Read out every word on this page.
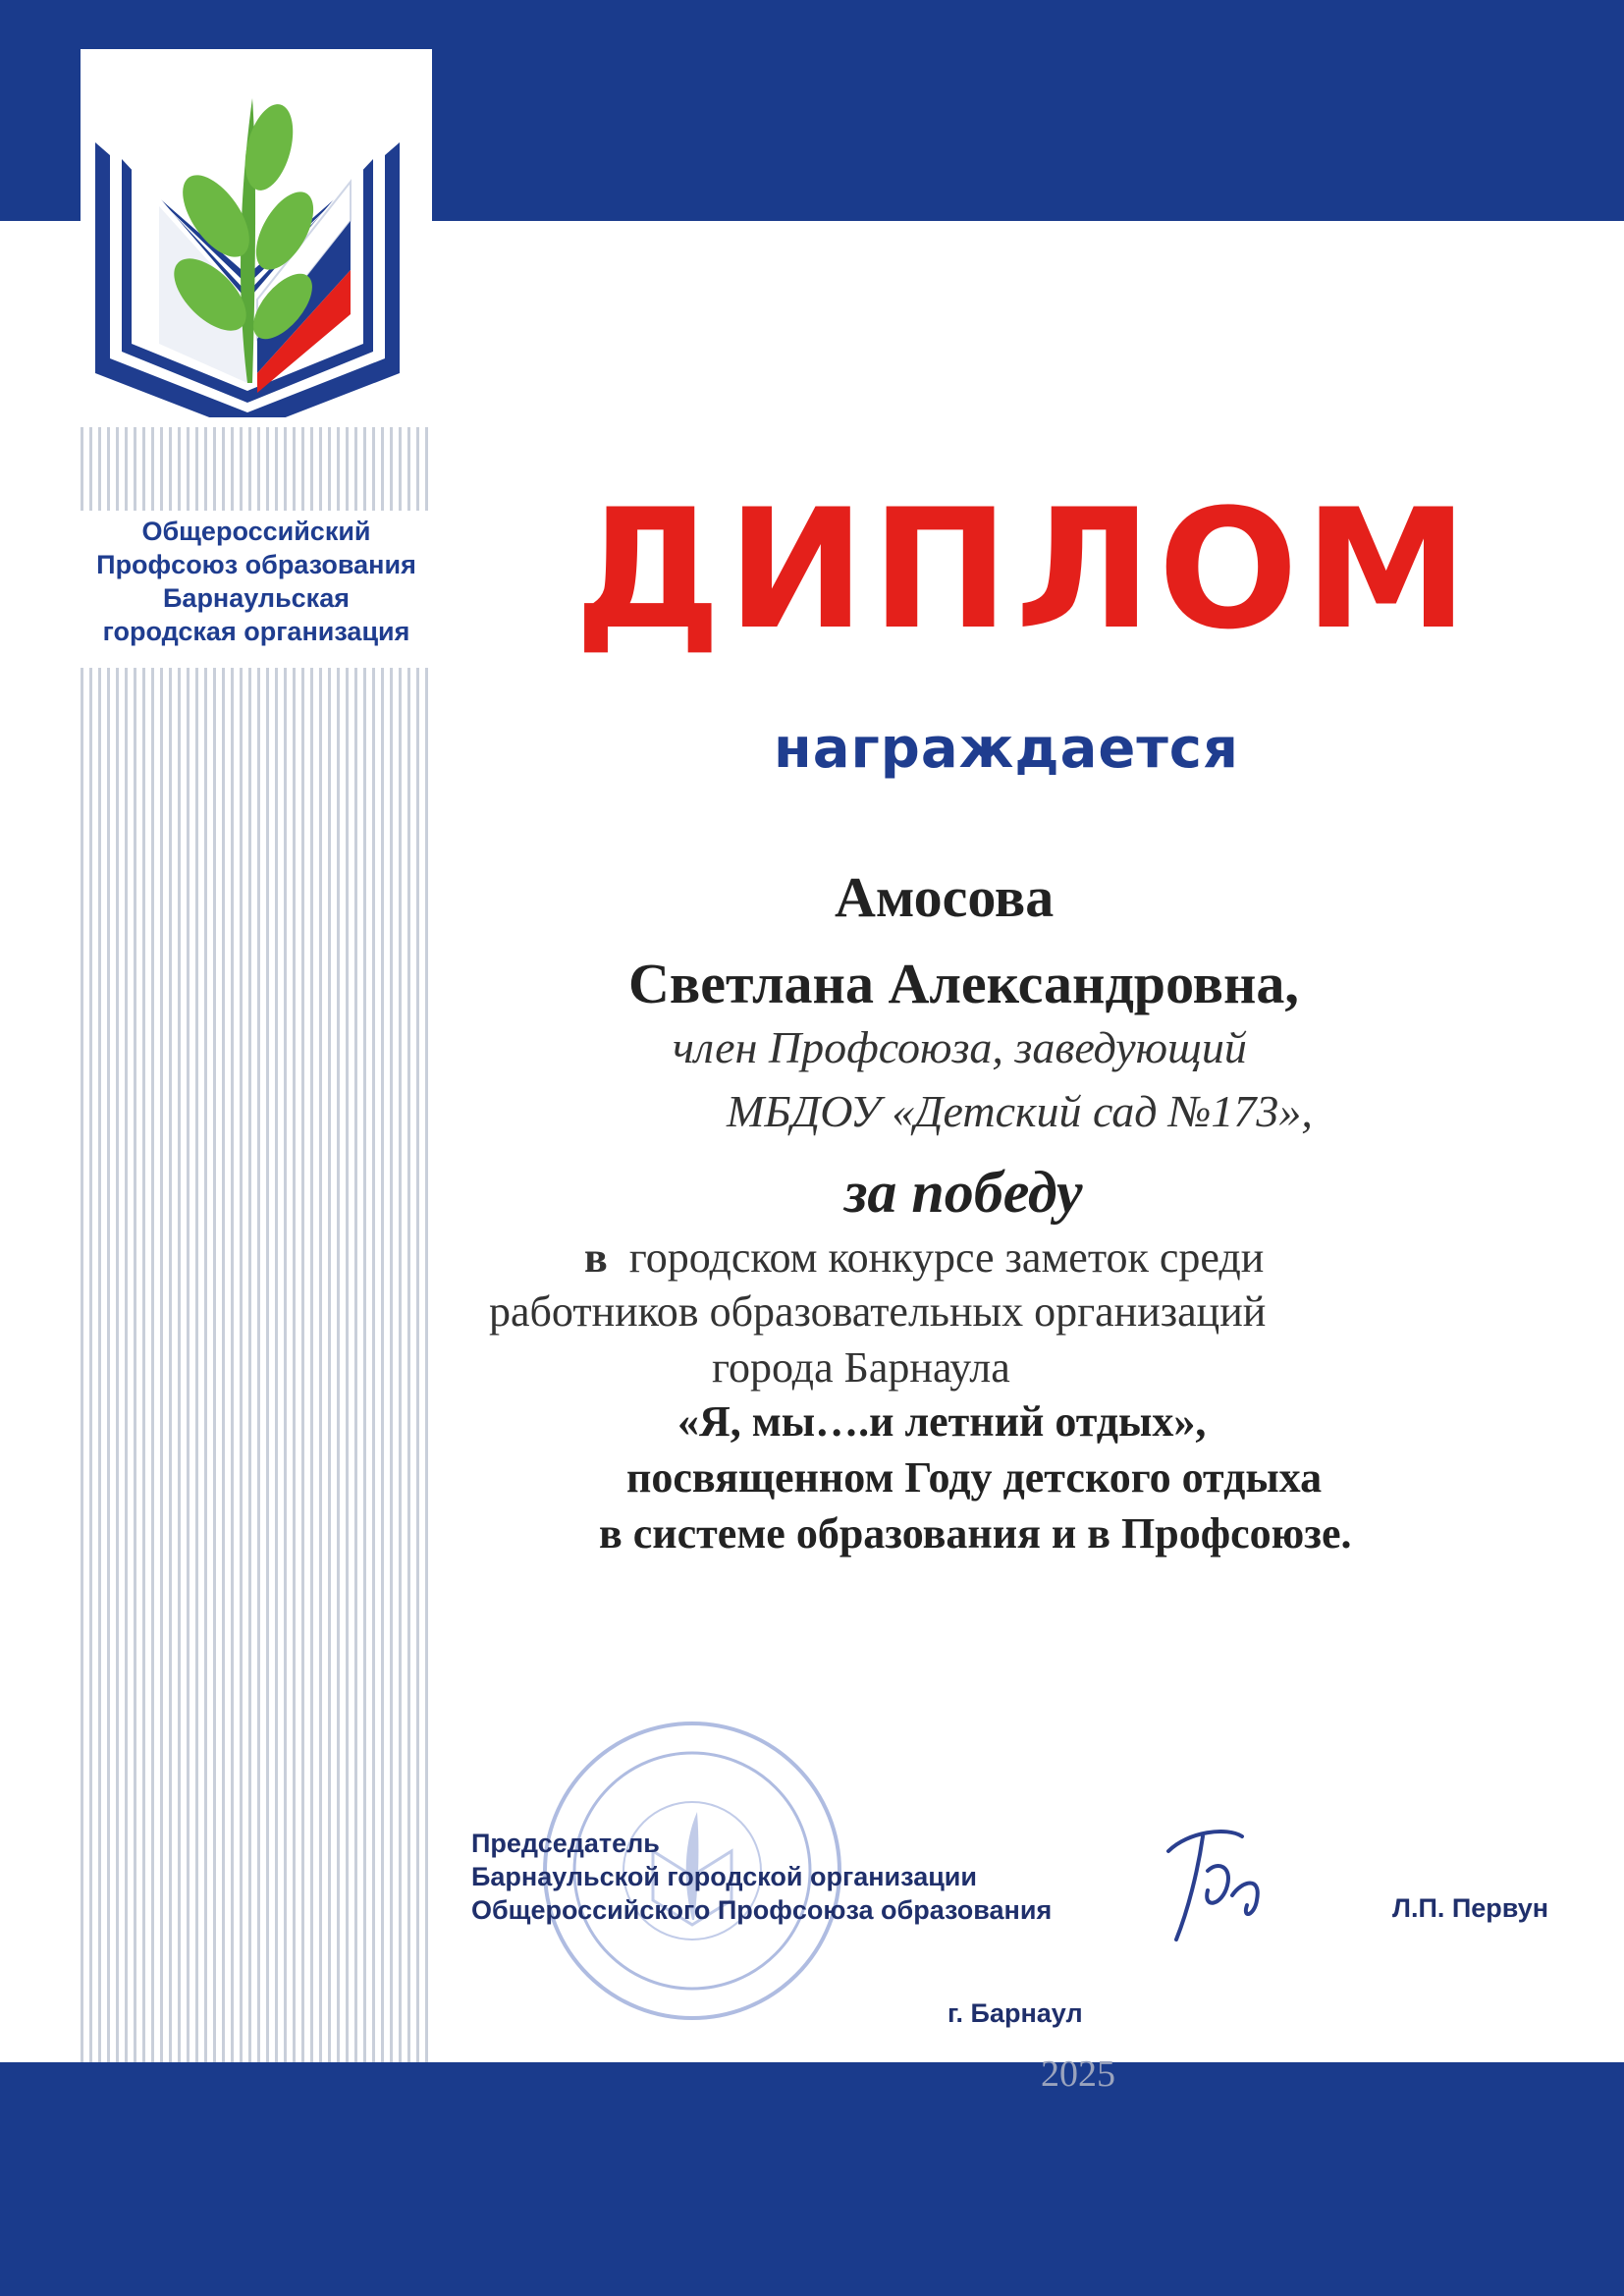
Общероссийский
Профсоюз образования
Барнаульская
городская организация ДИПЛОМ
награждается
Амосова
Светлана Александровна,
член Профсоюза, заведующий
МБДОУ «Детский сад №173»,
за победу
в городском конкурсе заметок среди
работников образовательных организаций
города Барнаула
«Я, мы….и летний отдых»,
посвященном Году детского отдыха
в системе образования и в Профсоюзе.
Председатель
Барнаульской городской организации
Общероссийского Профсоюза образования	Л.П. Первун
г. Барнаул
2025
